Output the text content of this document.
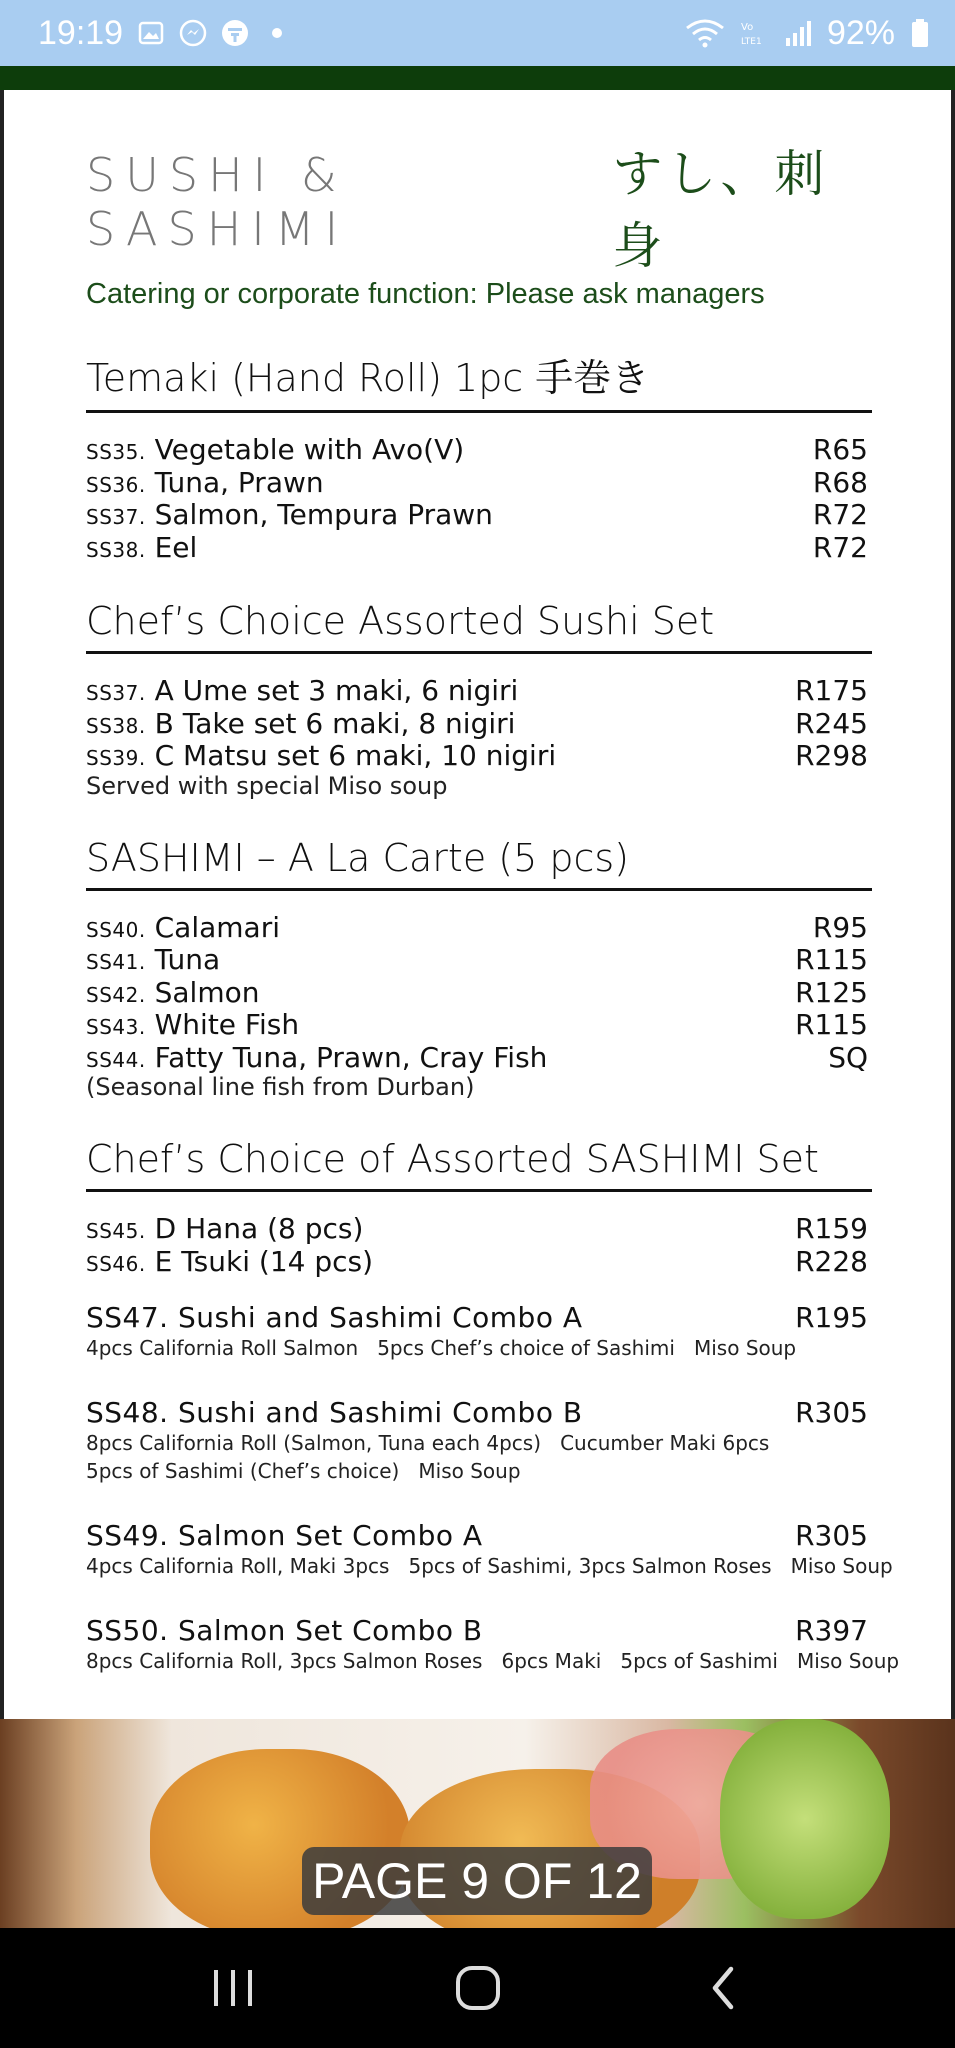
19:19	Vo
LTE1 92%
SUSHI & SASHIMI
すし、刺身
Catering or corporate function: Please ask managers
Temaki (Hand Roll) 1pc 手巻き
SS35. Vegetable with Avo(V)	R65
SS36. Tuna, Prawn	R68
SS37. Salmon, Tempura Prawn	R72
SS38. Eel	R72
Chef’s Choice Assorted Sushi Set
SS37. A Ume set 3 maki, 6 nigiri	R175
SS38. B Take set 6 maki, 8 nigiri	R245
SS39. C Matsu set 6 maki, 10 nigiri	R298
Served with special Miso soup
SASHIMI – A La Carte (5 pcs)
SS40. Calamari	R95
SS41. Tuna	R115
SS42. Salmon	R125
SS43. White Fish	R115
SS44. Fatty Tuna, Prawn, Cray Fish	SQ
(Seasonal line fish from Durban)
Chef’s Choice of Assorted SASHIMI Set
SS45. D Hana (8 pcs)	R159
SS46. E Tsuki (14 pcs)	R228
SS47. Sushi and Sashimi Combo A	R195
4pcs California Roll Salmon   5pcs Chef’s choice of Sashimi   Miso Soup
SS48. Sushi and Sashimi Combo B	R305
8pcs California Roll (Salmon, Tuna each 4pcs)   Cucumber Maki 6pcs
5pcs of Sashimi (Chef’s choice)   Miso Soup
SS49. Salmon Set Combo A	R305
4pcs California Roll, Maki 3pcs   5pcs of Sashimi, 3pcs Salmon Roses   Miso Soup
SS50. Salmon Set Combo B	R397
8pcs California Roll, 3pcs Salmon Roses   6pcs Maki   5pcs of Sashimi   Miso Soup
PAGE 9 OF 12
